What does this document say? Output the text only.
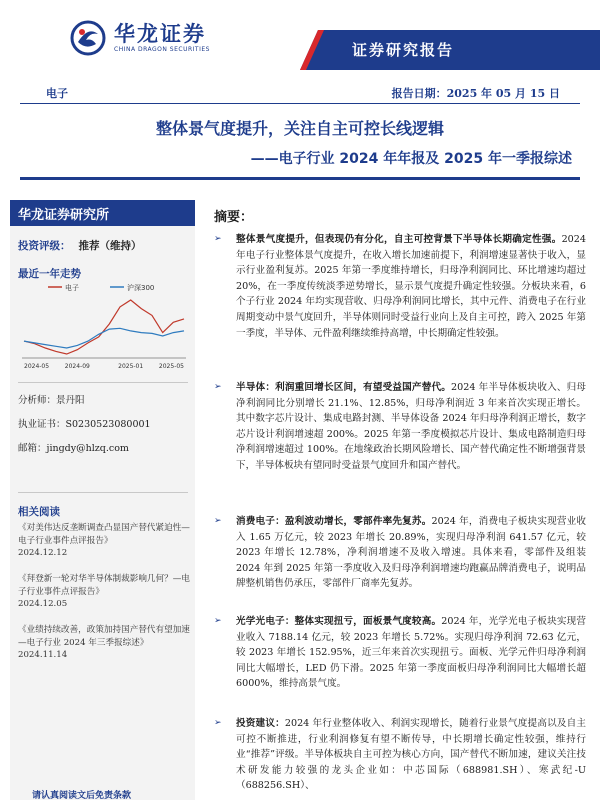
华龙证券
CHINA DRAGON SECURITIES	证券研究报告
电子	报告日期：2025 年 05 月 15 日
整体景气度提升，关注自主可控长线逻辑
——电子行业 2024 年年报及 2025 年一季报综述
华龙证券研究所
投资评级： 推荐（维持）
最近一年走势
电子	沪深300
2024-05	2024-09	2025-01	2025-05
分析师：景丹阳
执业证书：S0230523080001
邮箱：jingdy@hlzq.com
相关阅读
《对美伟达反垄断调查凸显国产替代紧迫性—电子行业事件点评报告》
2024.12.12
《拜登新一轮对华半导体制裁影响几何？—电子行业事件点评报告》
2024.12.05
《业绩持续改善，政策加持国产替代有望加速—电子行业 2024 年三季报综述》
2024.11.14
请认真阅读文后免责条款
摘要：
➢	整体景气度提升，但表现仍有分化，自主可控背景下半导体长期确定性强。2024 年电子行业整体景气度提升，在收入增长加速前提下，利润增速显著快于收入，显示行业盈利复苏。2025 年第一季度维持增长，归母净利润同比、环比增速均超过 20%，在一季度传统淡季逆势增长，显示景气度提升确定性较强。分板块来看，6 个子行业 2024 年均实现营收、归母净利润同比增长，其中元件、消费电子在行业周期变动中景气度回升，半导体则同时受益行业向上及自主可控，跨入 2025 年第一季度，半导体、元件盈利继续维持高增，中长期确定性较强。
➢	半导体：利润重回增长区间，有望受益国产替代。2024 年半导体板块收入、归母净利润同比分别增长 21.1%、12.85%，归母净利润近 3 年来首次实现正增长。其中数字芯片设计、集成电路封测、半导体设备 2024 年归母净利润正增长，数字芯片设计利润增速超 200%。2025 年第一季度模拟芯片设计、集成电路制造归母净利润增速超过 100%。在地缘政治长期风险增长、国产替代确定性不断增强背景下，半导体板块有望同时受益景气度回升和国产替代。
➢	消费电子：盈利波动增长，零部件率先复苏。2024 年，消费电子板块实现营业收入 1.65 万亿元，较 2023 年增长 20.89%，实现归母净利润 641.57 亿元，较 2023 年增长 12.78%，净利润增速不及收入增速。具体来看，零部件及组装 2024 年到 2025 年第一季度收入及归母净利润增速均跑赢品牌消费电子，说明品牌整机销售仍承压，零部件厂商率先复苏。
➢	光学光电子：整体实现扭亏，面板景气度较高。2024 年，光学光电子板块实现营业收入 7188.14 亿元，较 2023 年增长 5.72%。实现归母净利润 72.63 亿元，较 2023 年增长 152.95%，近三年来首次实现扭亏。面板、光学元件归母净利润同比大幅增长，LED 仍下滑。2025 年第一季度面板归母净利润同比大幅增长超 6000%，维持高景气度。
➢	投资建议：2024 年行业整体收入、利润实现增长，随着行业景气度提高以及自主可控不断推进，行业利润修复有望不断传导，中长期增长确定性较强，维持行业“推荐”评级。半导体板块自主可控为核心方向，国产替代不断加速，建议关注技术研发能力较强的龙头企业如：中芯国际（688981.SH）、寒武纪-U（688256.SH）、
